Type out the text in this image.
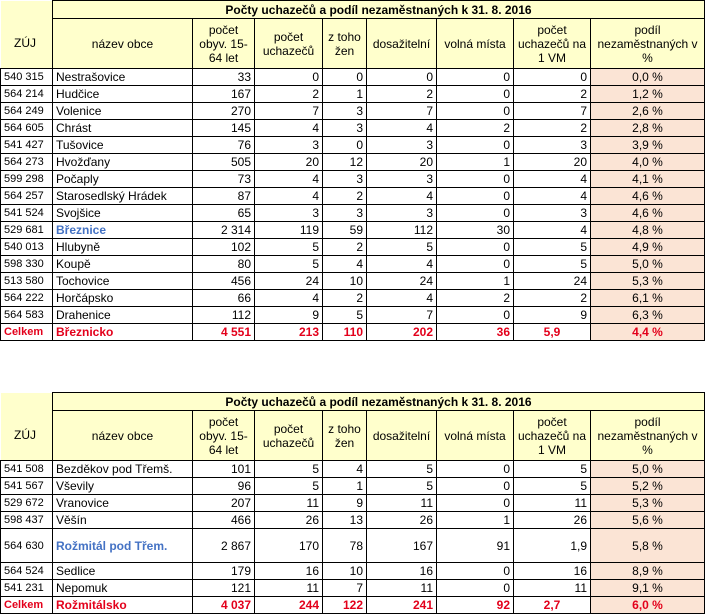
	Počty uchazečů a podíl nezaměstnaných k 31. 8. 2016							
	název obce	počet obyv. 15-64 let	počet uchazečů	z toho žen	dosažitelní	volná místa	počet uchazečů na 1 VM	podíl nezaměstnaných v %
540 315	Nestrašovice	33	0	0	0	0	0	0,0 %
564 214	Hudčice	167	2	1	2	0	2	1,2 %
564 249	Volenice	270	7	3	7	0	7	2,6 %
564 605	Chrást	145	4	3	4	2	2	2,8 %
541 427	Tušovice	76	3	0	3	0	3	3,9 %
564 273	Hvožďany	505	20	12	20	1	20	4,0 %
599 298	Počaply	73	4	3	3	0	4	4,1 %
564 257	Starosedlský Hrádek	87	4	2	4	0	4	4,6 %
541 524	Svojšice	65	3	3	3	0	3	4,6 %
529 681	Březnice	2 314	119	59	112	30	4	4,8 %
540 013	Hlubyně	102	5	2	5	0	5	4,9 %
598 330	Koupě	80	5	4	4	0	5	5,0 %
513 580	Tochovice	456	24	10	24	1	24	5,3 %
564 222	Horčápsko	66	4	2	4	2	2	6,1 %
564 583	Drahenice	112	9	5	7	0	9	6,3 %
Celkem	Březnicko	4 551	213	110	202	36	5,9	4,4 %
ZÚJ
	Počty uchazečů a podíl nezaměstnaných k 31. 8. 2016							
	název obce	počet obyv. 15-64 let	počet uchazečů	z toho žen	dosažitelní	volná místa	počet uchazečů na 1 VM	podíl nezaměstnaných v %
541 508	Bezděkov pod Třemš.	101	5	4	5	0	5	5,0 %
541 567	Vševily	96	5	1	5	0	5	5,2 %
529 672	Vranovice	207	11	9	11	0	11	5,3 %
598 437	Věšín	466	26	13	26	1	26	5,6 %
564 630	Rožmitál pod Třem.	2 867	170	78	167	91	1,9	5,8 %
564 524	Sedlice	179	16	10	16	0	16	8,9 %
541 231	Nepomuk	121	11	7	11	0	11	9,1 %
Celkem	Rožmitálsko	4 037	244	122	241	92	2,7	6,0 %
ZÚJ
